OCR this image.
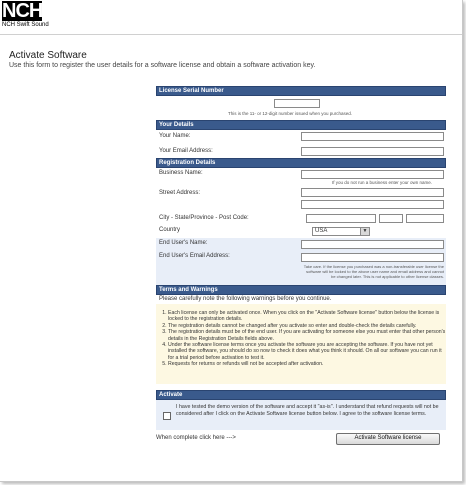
NCH
NCH Swift Sound
Activate Software
Use this form to register the user details for a software license and obtain a software activation key.
License Serial Number
This is the 11- or 12-digit number issued when you purchased.
Your Details
Your Name:
Your Email Address:
Registration Details
Business Name:
If you do not run a business enter your own name.
Street Address:
City - State/Province - Post Code:
Country	USA	▼
End User's Name:
End User's Email Address:
Take care. If the license you purchased was a non-transferable user license the software will be locked to the above user name and email address and cannot be changed later. This is not applicable to other license classes.
Terms and Warnings
Please carefully note the following warnings before you continue.
1. Each license can only be activated once. When you click on the "Activate Software license" button below the license is locked to the registration details.
2. The registration details cannot be changed after you activate so enter and double-check the details carefully.
3. The registration details must be of the end user. If you are activating for someone else you must enter that other person's details in the Registration Details fields above.
4. Under the software license terms once you activate the software you are accepting the software. If you have not yet installed the software, you should do so now to check it does what you think it should. On all our software you can run it for a trial period before activation to test it.
5. Requests for returns or refunds will not be accepted after activation.
Activate
I have tested the demo version of the software and accept it "as-is". I understand that refund requests will not be considered after I click on the Activate Software license button below. I agree to the software license terms.
When complete click here --->	Activate Software license
